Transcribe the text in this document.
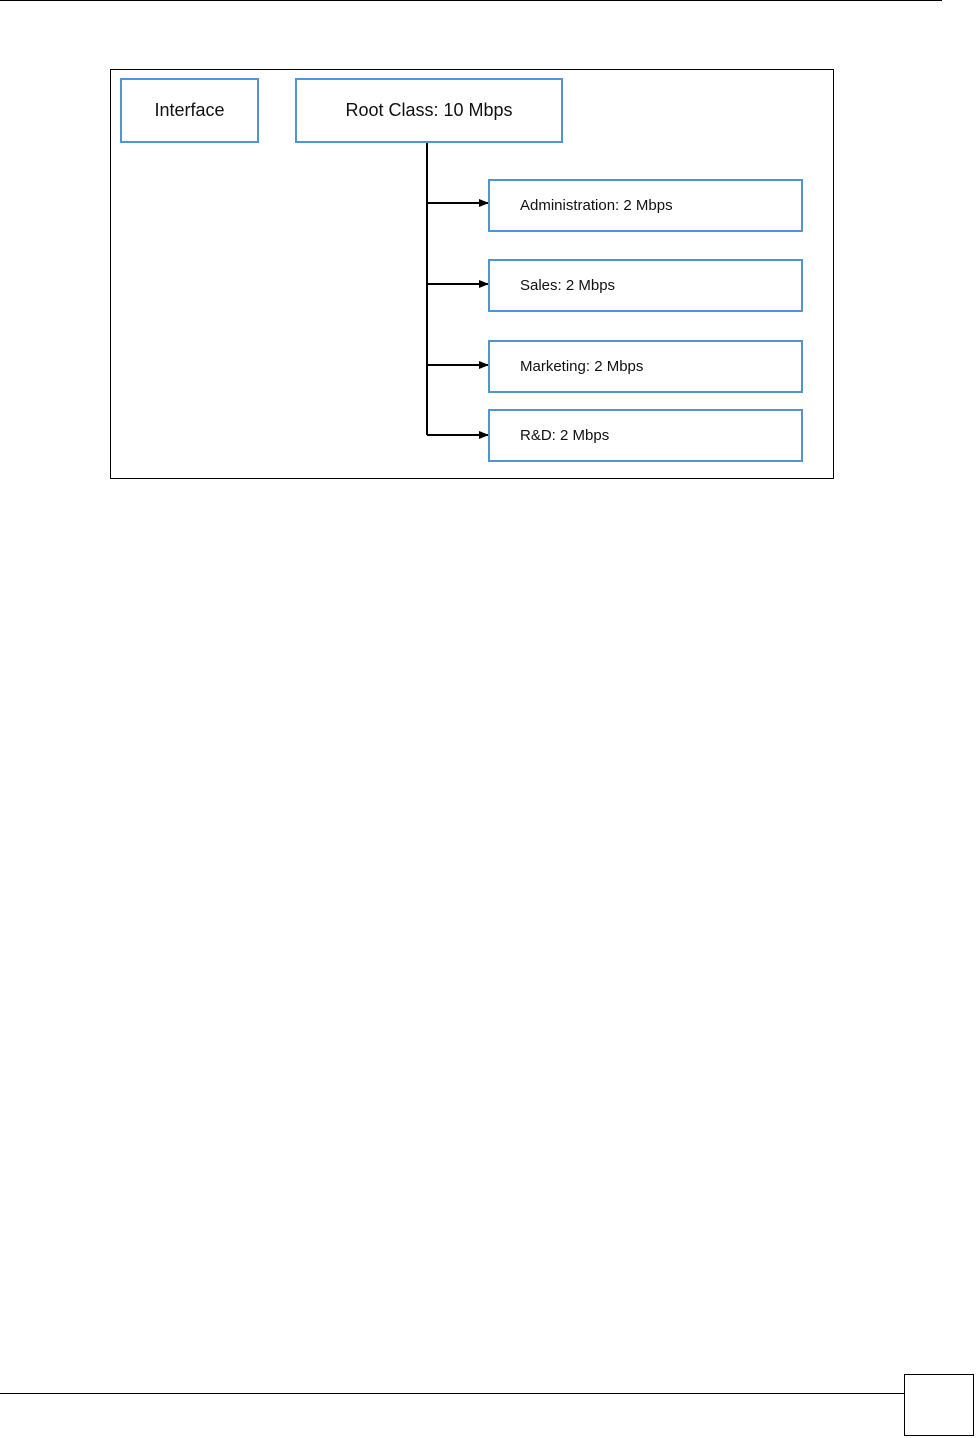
Interface	Root Class: 10 Mbps
Administration: 2 Mbps
Sales: 2 Mbps
Marketing: 2 Mbps
R&D: 2 Mbps
